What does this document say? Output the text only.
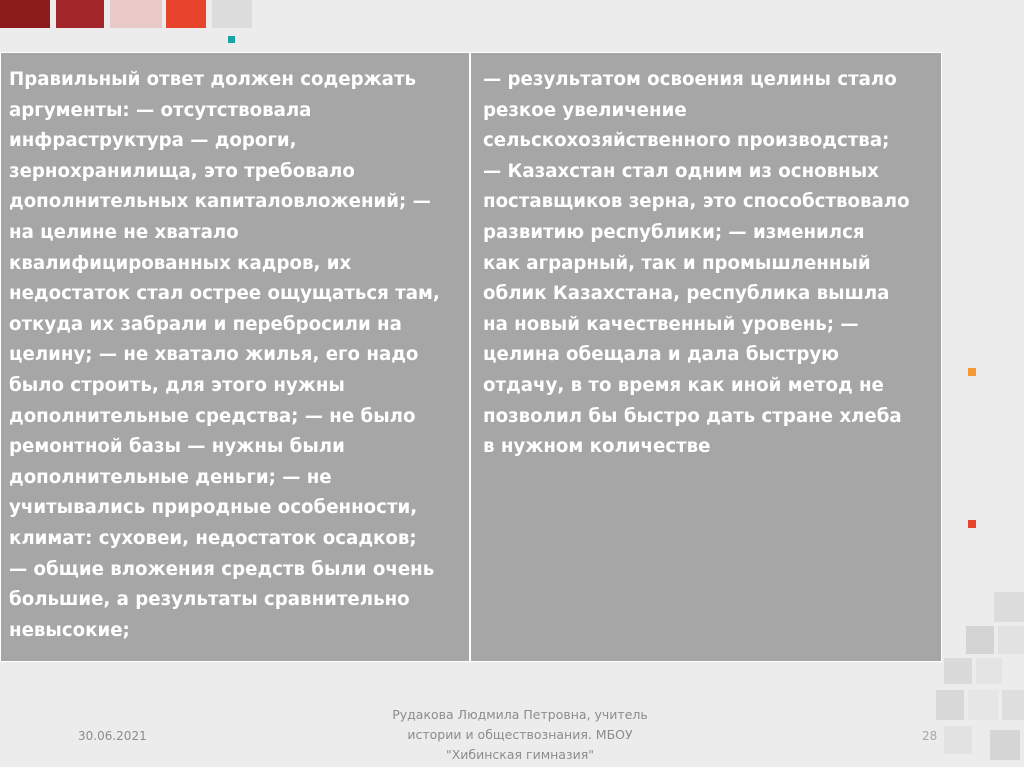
Правильный ответ должен содержать
аргументы: — отсутствовала
инфраструктура — дороги,
зернохранилища, это требовало
дополнительных капиталовложений; —
на целине не хватало
квалифицированных кадров, их
недостаток стал острее ощущаться там,
откуда их забрали и перебросили на
целину; — не хватало жилья, его надо
было строить, для этого нужны
дополнительные средства; — не было
ремонтной базы — нужны были
дополнительные деньги; — не
учитывались природные особенности,
климат: суховеи, недостаток осадков;
— общие вложения средств были очень
большие, а результаты сравнительно
невысокие;

— результатом освоения целины стало
резкое увеличение
сельскохозяйственного производства;
— Казахстан стал одним из основных
поставщиков зерна, это способствовало
развитию республики; — изменился
как аграрный, так и промышленный
облик Казахстана, республика вышла
на новый качественный уровень; —
целина обещала и дала быструю
отдачу, в то время как иной метод не
позволил бы быстро дать стране хлеба
в нужном количестве

30.06.2021
Рудакова Людмила Петровна, учитель
истории и обществознания. МБОУ
"Хибинская гимназия"
28
